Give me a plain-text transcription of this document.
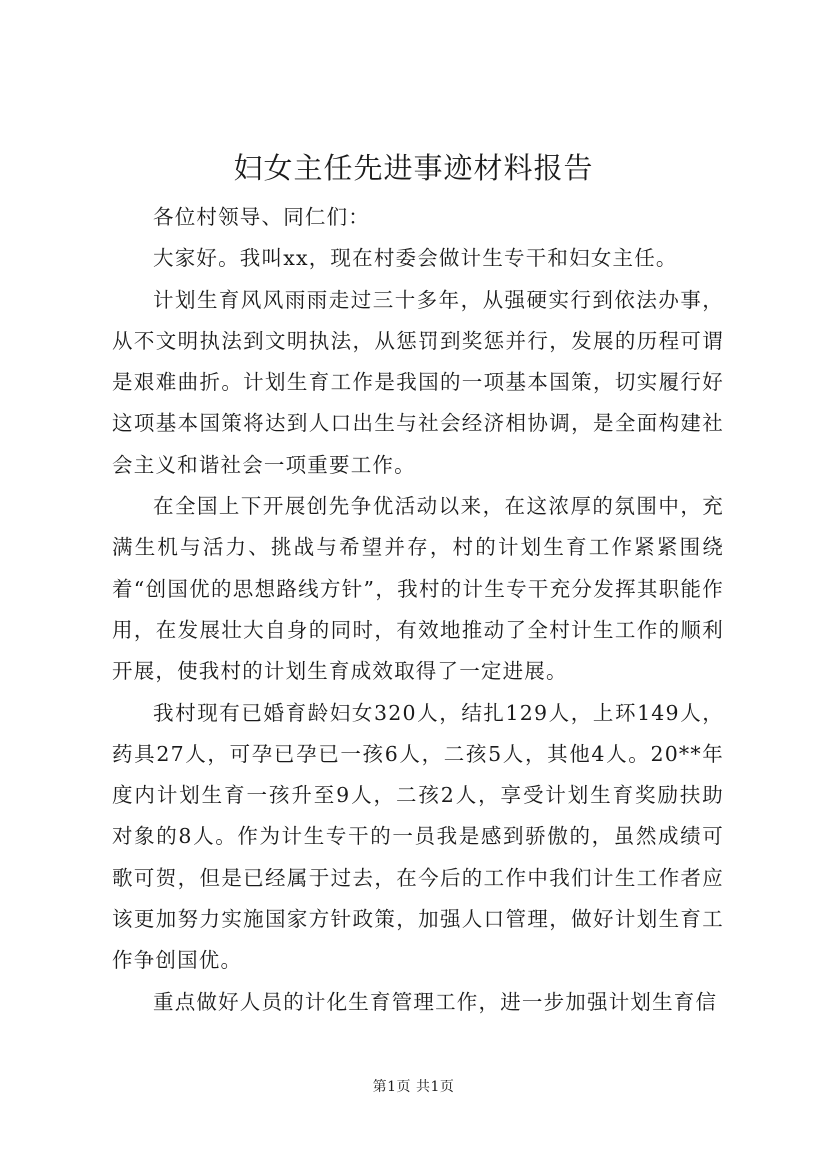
妇女主任先进事迹材料报告

各位村领导、同仁们：

大家好。我叫xx，现在村委会做计生专干和妇女主任。

计划生育风风雨雨走过三十多年，从强硬实行到依法办事，从不文明执法到文明执法，从惩罚到奖惩并行，发展的历程可谓是艰难曲折。计划生育工作是我国的一项基本国策，切实履行好这项基本国策将达到人口出生与社会经济相协调，是全面构建社会主义和谐社会一项重要工作。

在全国上下开展创先争优活动以来，在这浓厚的氛围中，充满生机与活力、挑战与希望并存，村的计划生育工作紧紧围绕着“创国优的思想路线方针”，我村的计生专干充分发挥其职能作用，在发展壮大自身的同时，有效地推动了全村计生工作的顺利开展，使我村的计划生育成效取得了一定进展。

我村现有已婚育龄妇女320人，结扎129人，上环149人，药具27人，可孕已孕已一孩6人，二孩5人，其他4人。20**年度内计划生育一孩升至9人，二孩2人，享受计划生育奖励扶助对象的8人。作为计生专干的一员我是感到骄傲的，虽然成绩可歌可贺，但是已经属于过去，在今后的工作中我们计生工作者应该更加努力实施国家方针政策，加强人口管理，做好计划生育工作争创国优。

重点做好人员的计化生育管理工作，进一步加强计划生育信

第1页 共1页
